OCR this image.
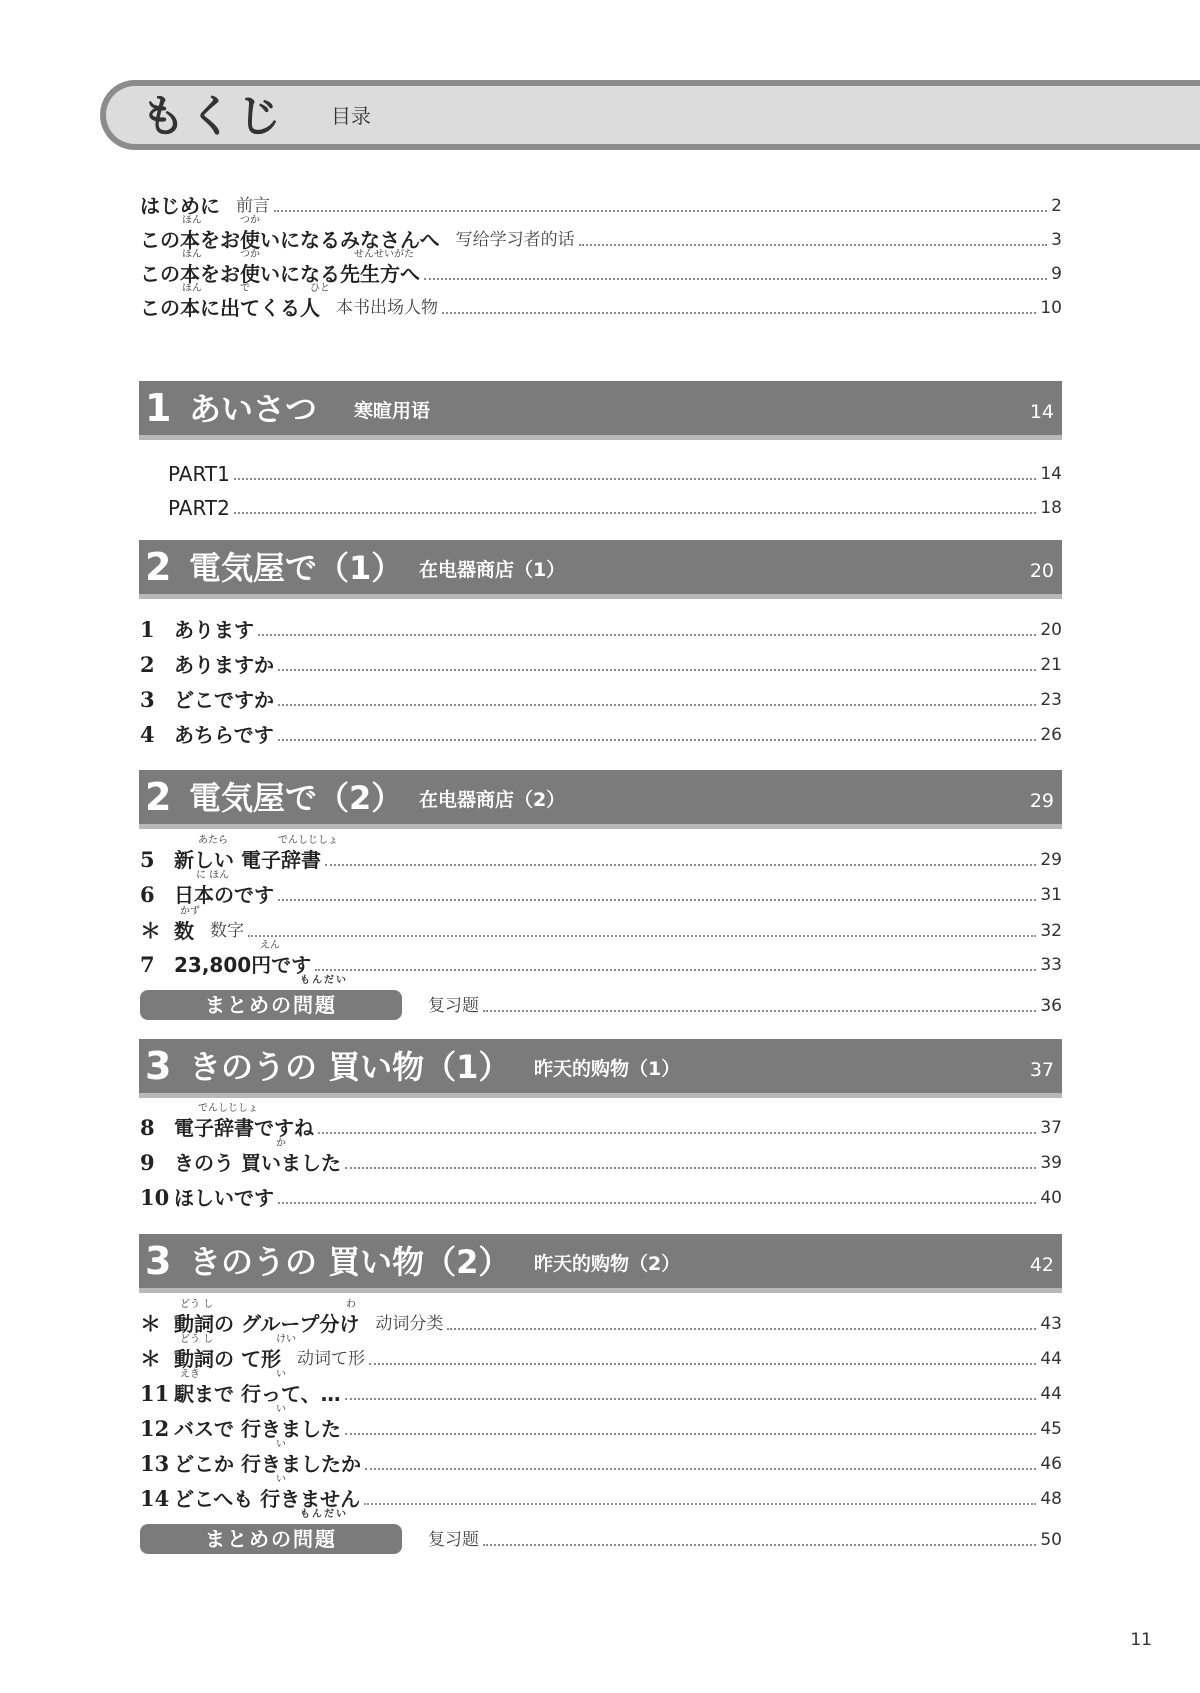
もくじ 目录
はじめに 前言	2
ほん	つか
この本をお使いになるみなさんへ 写给学习者的话	3
ほん	つか	せんせいがた
この本をお使いになる先生方へ	9
ほん	で	ひと
この本に出てくる人 本书出场人物	10
1 あいさつ 寒暄用语	14
PART1	14
PART2	18
でん き や
2 電気屋で（1） 在电器商店（1）	20
1 あります	20
2 ありますか	21
3 どこですか	23
4 あちらです	26
でん き や
2 電気屋で（2） 在电器商店（2）	29
あたら	でんしじしょ
5 新しい 電子辞書	29
に ほん
6 日本のです	31
かず
＊ 数 数字	32
えん
7 23,800円です	33
もんだい
まとめの問題	复习题	36
か	もの
3 きのうの 買い物（1） 昨天的购物（1）	37
でんしじしょ
8 電子辞書ですね	37
か
9 きのう 買いました	39
10 ほしいです	40
か	もの
3 きのうの 買い物（2） 昨天的购物（2）	42
どう し	わ
＊ 動詞の グループ分け 动词分类	43
どう し	けい
＊ 動詞の て形 动词て形	44
えき	い
11 駅まで 行って、…	44
い
12 バスで 行きました	45
い
13 どこか 行きましたか	46
い
14 どこへも 行きません	48
もんだい
まとめの問題	复习题	50
11
